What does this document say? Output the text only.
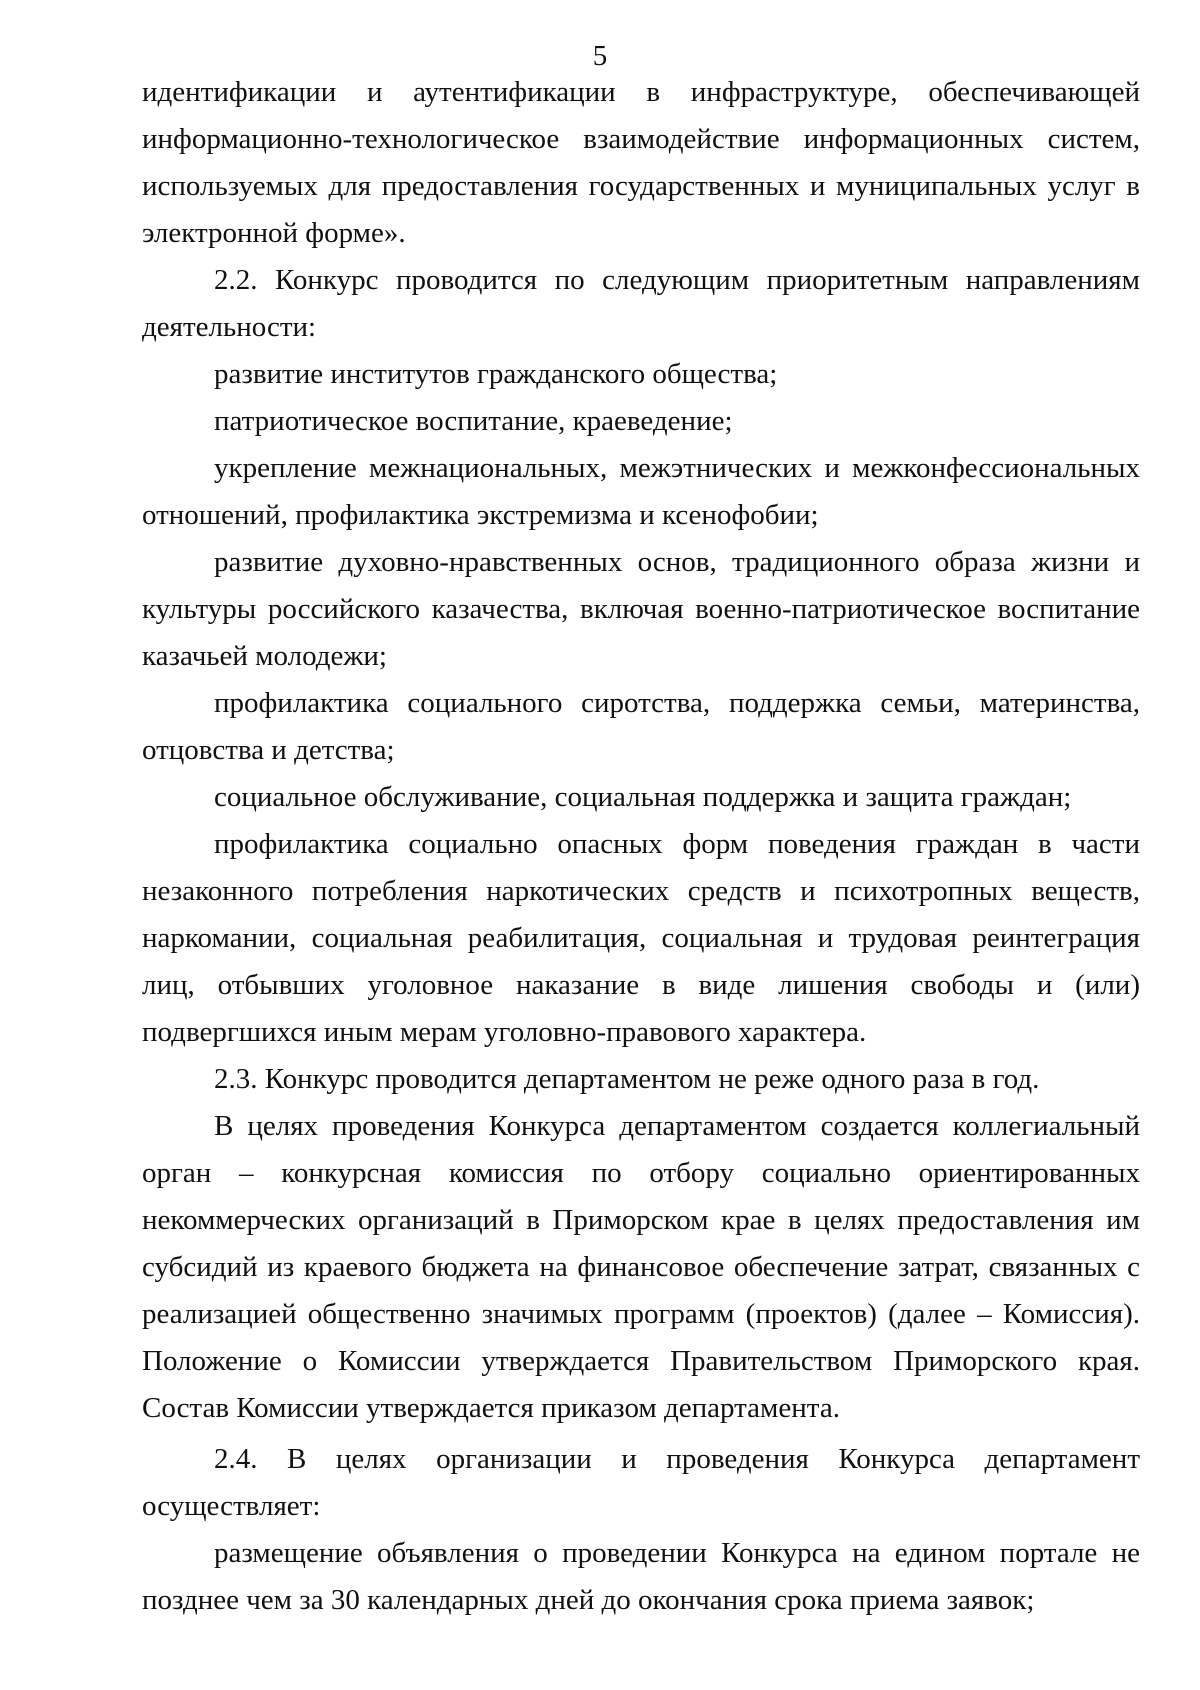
5

идентификации и аутентификации в инфраструктуре, обеспечивающей информационно-технологическое взаимодействие информационных систем, используемых для предоставления государственных и муниципальных услуг в электронной форме».

2.2. Конкурс проводится по следующим приоритетным направлениям деятельности:

развитие институтов гражданского общества;

патриотическое воспитание, краеведение;

укрепление межнациональных, межэтнических и межконфессиональных отношений, профилактика экстремизма и ксенофобии;

развитие духовно-нравственных основ, традиционного образа жизни и культуры российского казачества, включая военно-патриотическое воспитание казачьей молодежи;

профилактика социального сиротства, поддержка семьи, материнства, отцовства и детства;

социальное обслуживание, социальная поддержка и защита граждан;

профилактика социально опасных форм поведения граждан в части незаконного потребления наркотических средств и психотропных веществ, наркомании, социальная реабилитация, социальная и трудовая реинтеграция лиц, отбывших уголовное наказание в виде лишения свободы и (или) подвергшихся иным мерам уголовно-правового характера.

2.3. Конкурс проводится департаментом не реже одного раза в год.

В целях проведения Конкурса департаментом создается коллегиальный орган – конкурсная комиссия по отбору социально ориентированных некоммерческих организаций в Приморском крае в целях предоставления им субсидий из краевого бюджета на финансовое обеспечение затрат, связанных с реализацией общественно значимых программ (проектов) (далее – Комиссия). Положение о Комиссии утверждается Правительством Приморского края. Состав Комиссии утверждается приказом департамента.

2.4. В целях организации и проведения Конкурса департамент осуществляет:

размещение объявления о проведении Конкурса на едином портале не позднее чем за 30 календарных дней до окончания срока приема заявок;
